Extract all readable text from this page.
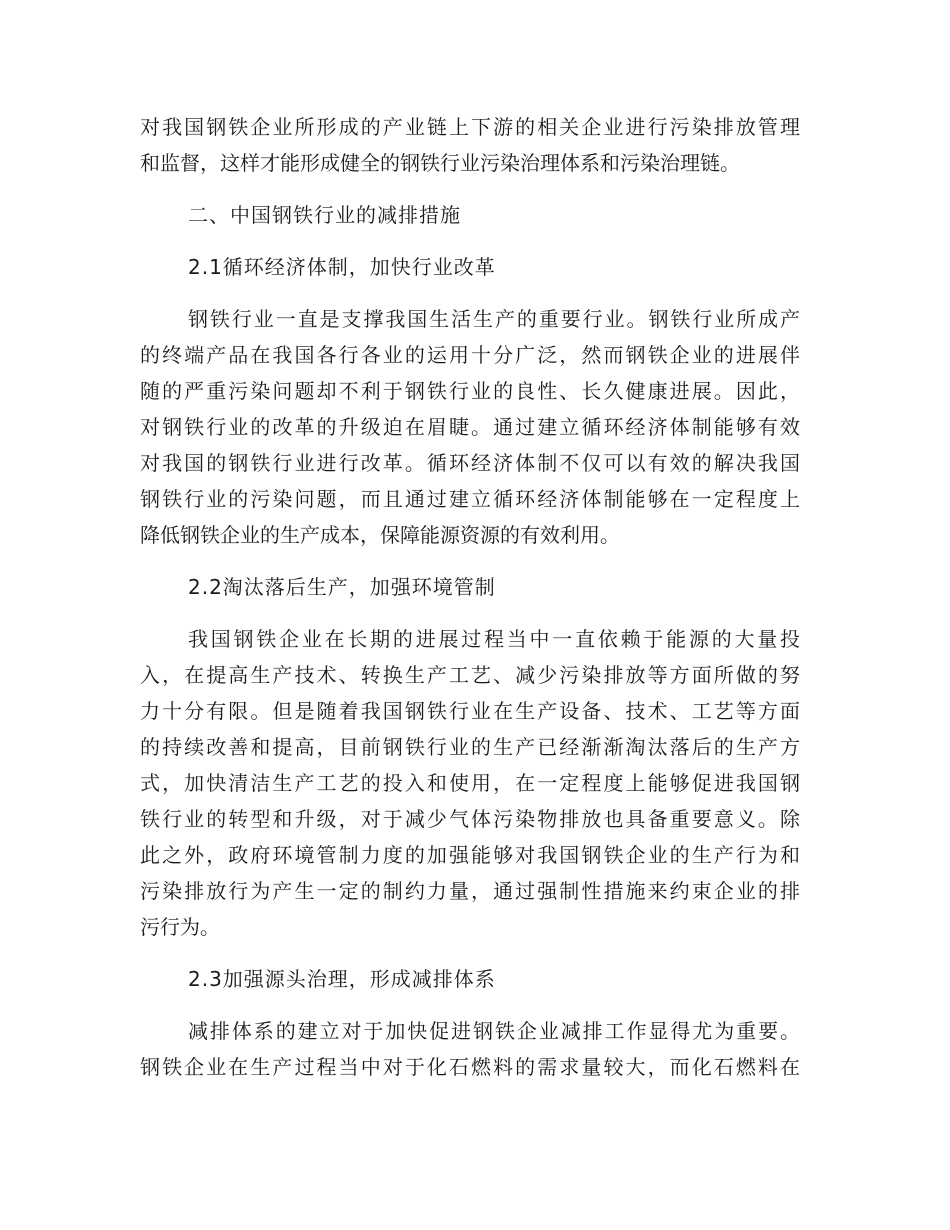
对我国钢铁企业所形成的产业链上下游的相关企业进行污染排放管理
和监督，这样才能形成健全的钢铁行业污染治理体系和污染治理链。
二、中国钢铁行业的减排措施
2.1循环经济体制，加快行业改革
钢铁行业一直是支撑我国生活生产的重要行业。钢铁行业所成产
的终端产品在我国各行各业的运用十分广泛，然而钢铁企业的进展伴
随的严重污染问题却不利于钢铁行业的良性、长久健康进展。因此，
对钢铁行业的改革的升级迫在眉睫。通过建立循环经济体制能够有效
对我国的钢铁行业进行改革。循环经济体制不仅可以有效的解决我国
钢铁行业的污染问题，而且通过建立循环经济体制能够在一定程度上
降低钢铁企业的生产成本，保障能源资源的有效利用。
2.2淘汰落后生产，加强环境管制
我国钢铁企业在长期的进展过程当中一直依赖于能源的大量投
入，在提高生产技术、转换生产工艺、减少污染排放等方面所做的努
力十分有限。但是随着我国钢铁行业在生产设备、技术、工艺等方面
的持续改善和提高，目前钢铁行业的生产已经渐渐淘汰落后的生产方
式，加快清洁生产工艺的投入和使用，在一定程度上能够促进我国钢
铁行业的转型和升级，对于减少气体污染物排放也具备重要意义。除
此之外，政府环境管制力度的加强能够对我国钢铁企业的生产行为和
污染排放行为产生一定的制约力量，通过强制性措施来约束企业的排
污行为。
2.3加强源头治理，形成减排体系
减排体系的建立对于加快促进钢铁企业减排工作显得尤为重要。
钢铁企业在生产过程当中对于化石燃料的需求量较大，而化石燃料在
